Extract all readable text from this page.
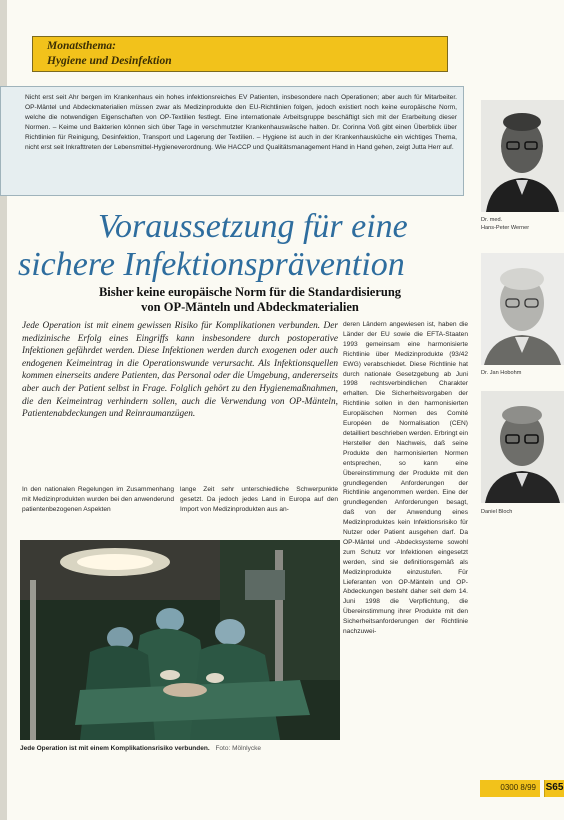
Monatsthema:
Hygiene und Desinfektion
Nicht erst seit Ahr bergen im Krankenhaus ein hohes infektionsreiches EV Patienten, insbesondere nach Operationen; aber auch für Mitarbeiter. OP-Mäntel und Abdeckmaterialien müssen zwar als Medizinprodukte den EU-Richtlinien folgen, jedoch existiert noch keine europäische Norm, welche die notwendigen Eigenschaften von OP-Textilien festlegt. Eine internationale Arbeitsgruppe beschäftigt sich mit der Erarbeitung dieser Normen. – Keime und Bakterien können sich über Tage in verschmutzter Krankenhauswäsche halten. Dr. Corinna Voß gibt einen Überblick über Richtlinien für Reinigung, Desinfektion, Transport und Lagerung der Textilien. – Hygiene ist auch in der Krankenhausküche ein wichtiges Thema, nicht erst seit Inkrafttreten der Lebensmittel-Hygieneverordnung. Wie HACCP und Qualitätsmanagement Hand in Hand gehen, zeigt Jutta Herr auf.
Voraussetzung für eine
sichere Infektionsprävention
Bisher keine europäische Norm für die Standardisierung
von OP-Mänteln und Abdeckmaterialien
Jede Operation ist mit einem gewissen Risiko für Komplikationen verbunden. Der medizinische Erfolg eines Eingriffs kann insbesondere durch postoperative Infektionen gefährdet werden. Diese Infektionen werden durch exogenen oder auch endogenen Keimeintrag in die Operationswunde verursacht. Als Infektionsquellen kommen einerseits andere Patienten, das Personal oder die Umgebung, andererseits aber auch der Patient selbst in Frage. Folglich gehört zu den Hygienemaßnahmen, die den Keimeintrag verhindern sollen, auch die Verwendung von OP-Mänteln, Patientenabdeckungen und Reinraumanzügen.
In den nationalen Regelungen im Zusammenhang mit Medizinprodukten wurden bei den anwenderund patientenbezogenen Aspekten
lange Zeit sehr unterschiedliche Schwerpunkte gesetzt. Da jedoch jedes Land in Europa auf den Import von Medizinprodukten aus an-
deren Ländern angewiesen ist, haben die Länder der EU sowie die EFTA-Staaten 1993 gemeinsam eine harmonisierte Richtlinie über Medizinprodukte (93/42 EWG) verabschiedet. Diese Richtlinie hat durch nationale Gesetzgebung ab Juni 1998 rechtsverbindlichen Charakter erhalten. Die Sicherheitsvorgaben der Richtlinie sollen in den harmonisierten Europäischen Normen des Comité Européen de Normalisation (CEN) detailliert beschrieben werden. Erbringt ein Hersteller den Nachweis, daß seine Produkte den harmonisierten Normen entsprechen, so kann eine Übereinstimmung der Produkte mit den grundlegenden Anforderungen der Richtlinie angenommen werden. Eine der grundlegenden Anforderungen besagt, daß von der Anwendung eines Medizinproduktes kein Infektionsrisiko für Nutzer oder Patient ausgehen darf. Da OP-Mäntel und -Abdecksysteme sowohl zum Schutz vor Infektionen eingesetzt werden, sind sie definitionsgemäß als Medizinprodukte einzustufen. Für Lieferanten von OP-Mänteln und OP-Abdeckungen besteht daher seit dem 14. Juni 1998 die Verpflichtung, die Übereinstimmung ihrer Produkte mit den Sicherheitsanforderungen der Richtlinie nachzuwei-
Jede Operation ist mit einem Komplikationsrisiko verbunden. Foto: Mölnlycke
Dr. med.
Hans-Peter Werner
Dr. Jan Hobohm
Daniel Bloch
0300 8/99 S65
